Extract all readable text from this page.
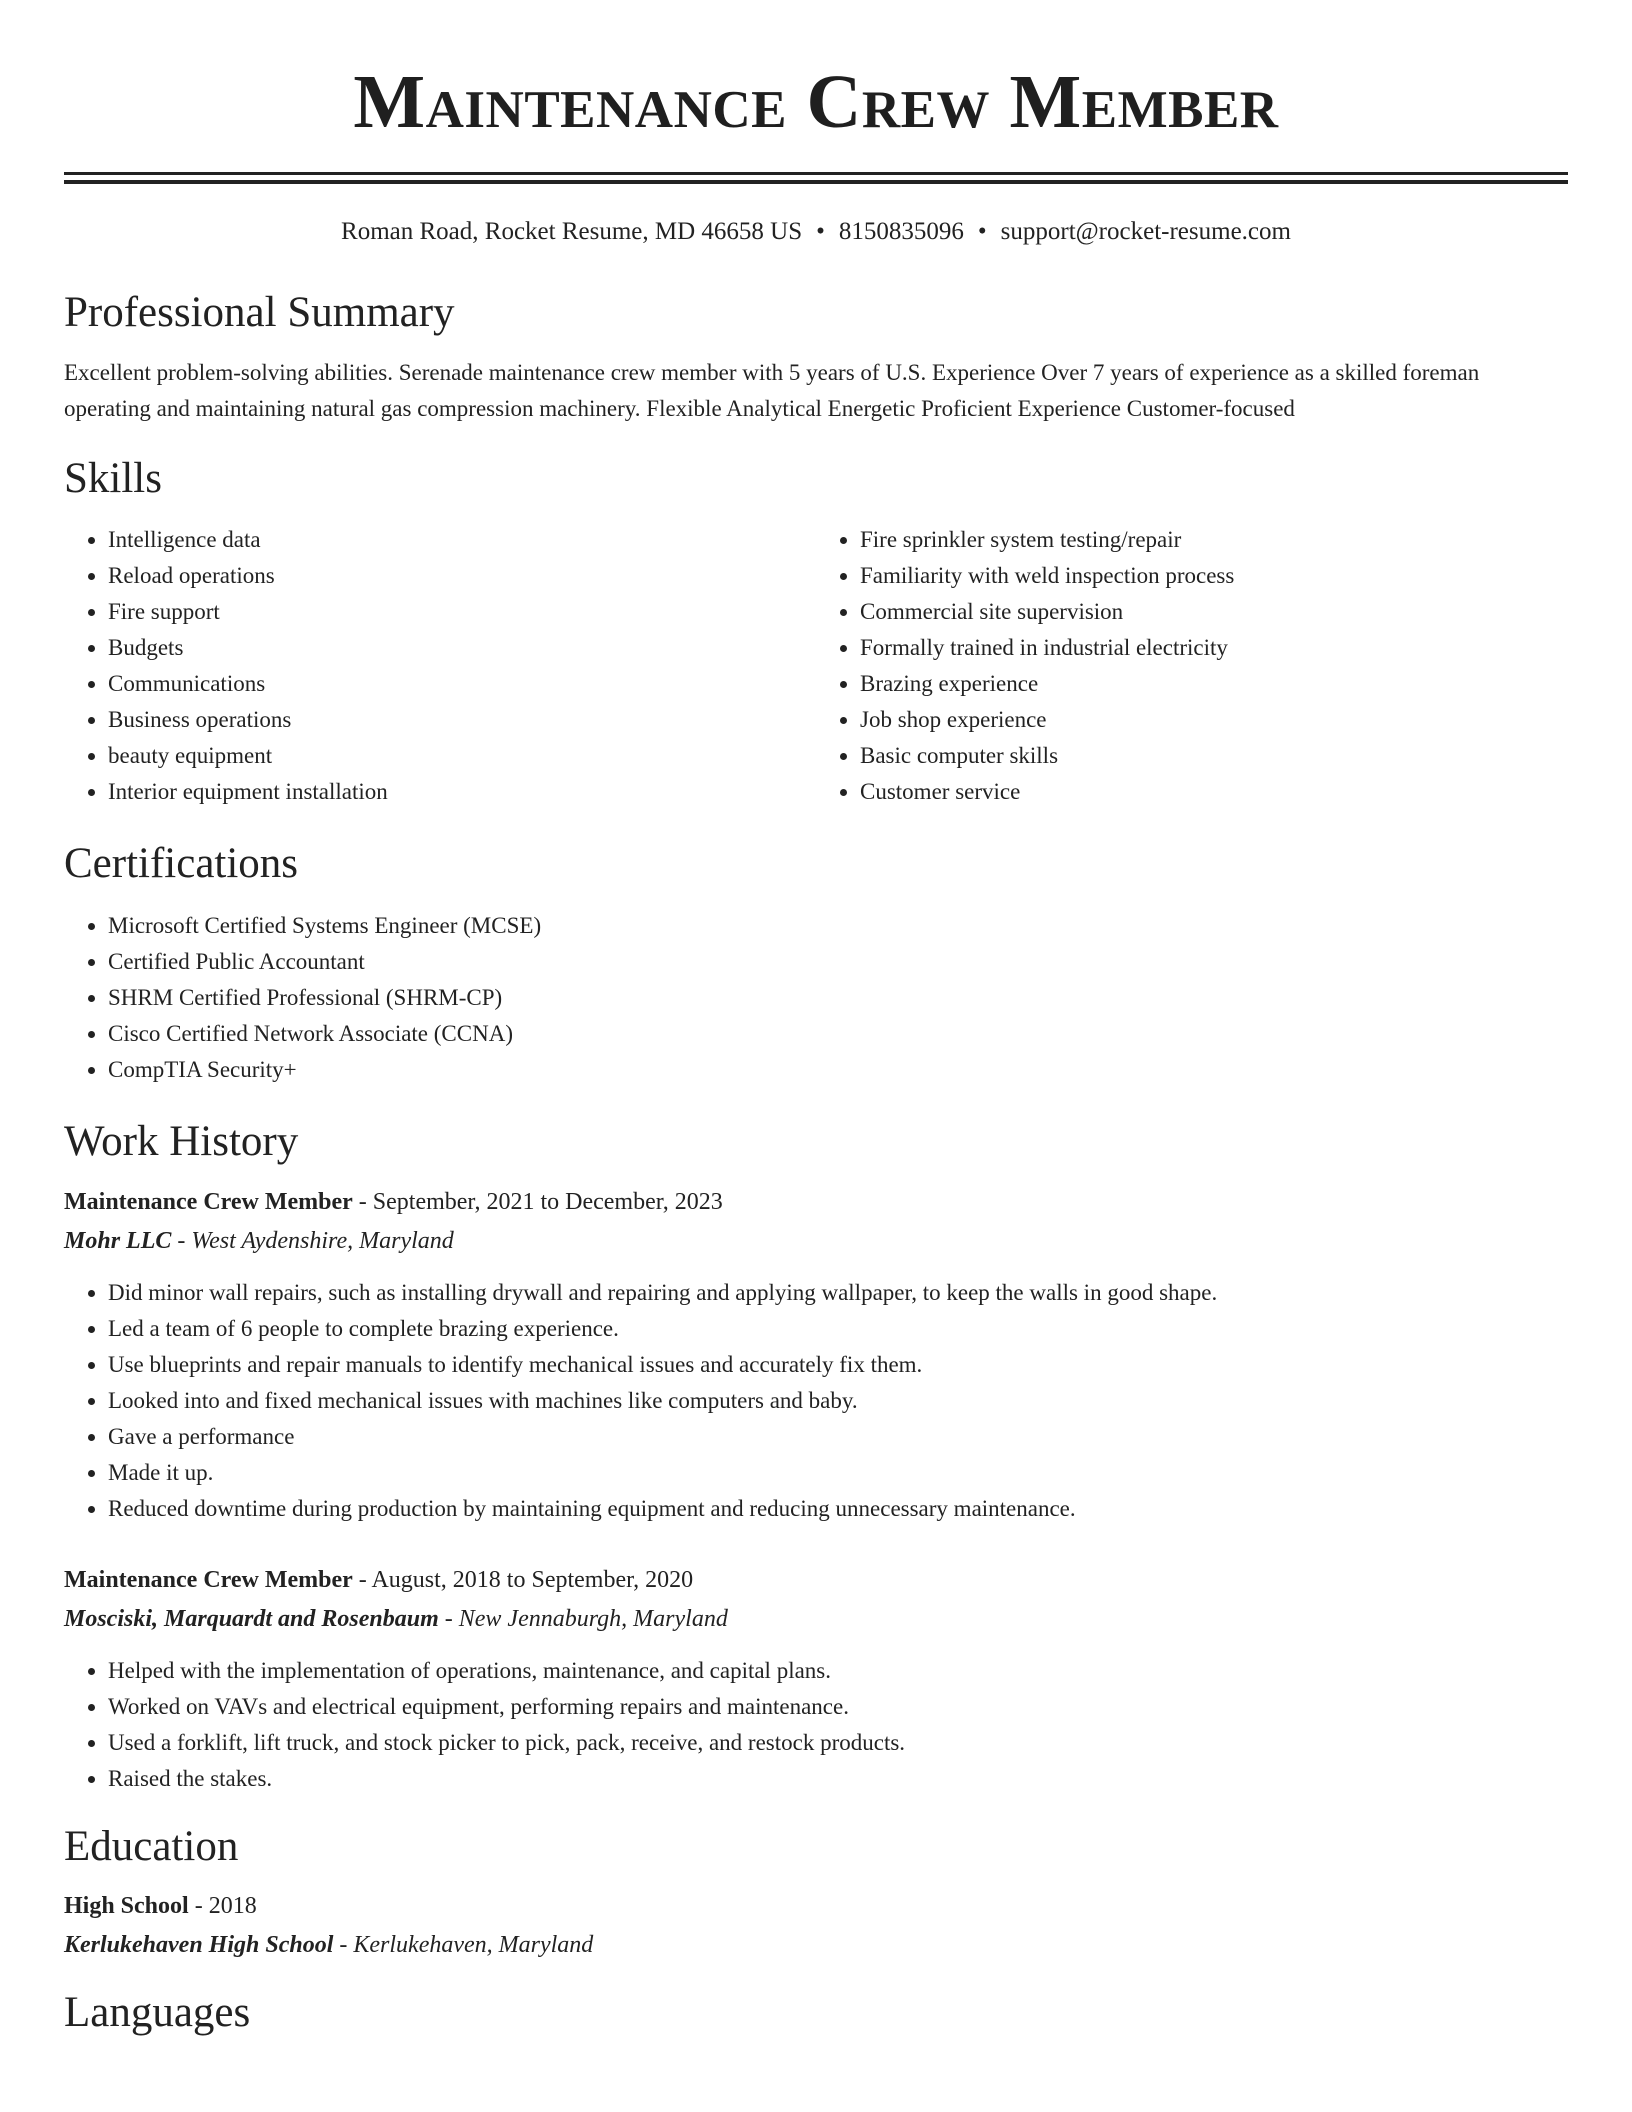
Maintenance Crew Member
Roman Road, Rocket Resume, MD 46658 US • 8150835096 • support@rocket-resume.com
Professional Summary

Excellent problem-solving abilities. Serenade maintenance crew member with 5 years of U.S. Experience Over 7 years of experience as a skilled foreman operating and maintaining natural gas compression machinery. Flexible Analytical Energetic Proficient Experience Customer-focused

Skills
• Intelligence data
• Reload operations
• Fire support
• Budgets
• Communications
• Business operations
• beauty equipment
• Interior equipment installation
• Fire sprinkler system testing/repair
• Familiarity with weld inspection process
• Commercial site supervision
• Formally trained in industrial electricity
• Brazing experience
• Job shop experience
• Basic computer skills
• Customer service
Certifications
• Microsoft Certified Systems Engineer (MCSE)
• Certified Public Accountant
• SHRM Certified Professional (SHRM-CP)
• Cisco Certified Network Associate (CCNA)
• CompTIA Security+
Work History
Maintenance Crew Member - September, 2021 to December, 2023
Mohr LLC - West Aydenshire, Maryland
• Did minor wall repairs, such as installing drywall and repairing and applying wallpaper, to keep the walls in good shape.
• Led a team of 6 people to complete brazing experience.
• Use blueprints and repair manuals to identify mechanical issues and accurately fix them.
• Looked into and fixed mechanical issues with machines like computers and baby.
• Gave a performance
• Made it up.
• Reduced downtime during production by maintaining equipment and reducing unnecessary maintenance.
Maintenance Crew Member - August, 2018 to September, 2020
Mosciski, Marquardt and Rosenbaum - New Jennaburgh, Maryland
• Helped with the implementation of operations, maintenance, and capital plans.
• Worked on VAVs and electrical equipment, performing repairs and maintenance.
• Used a forklift, lift truck, and stock picker to pick, pack, receive, and restock products.
• Raised the stakes.
Education
High School - 2018
Kerlukehaven High School - Kerlukehaven, Maryland
Languages
